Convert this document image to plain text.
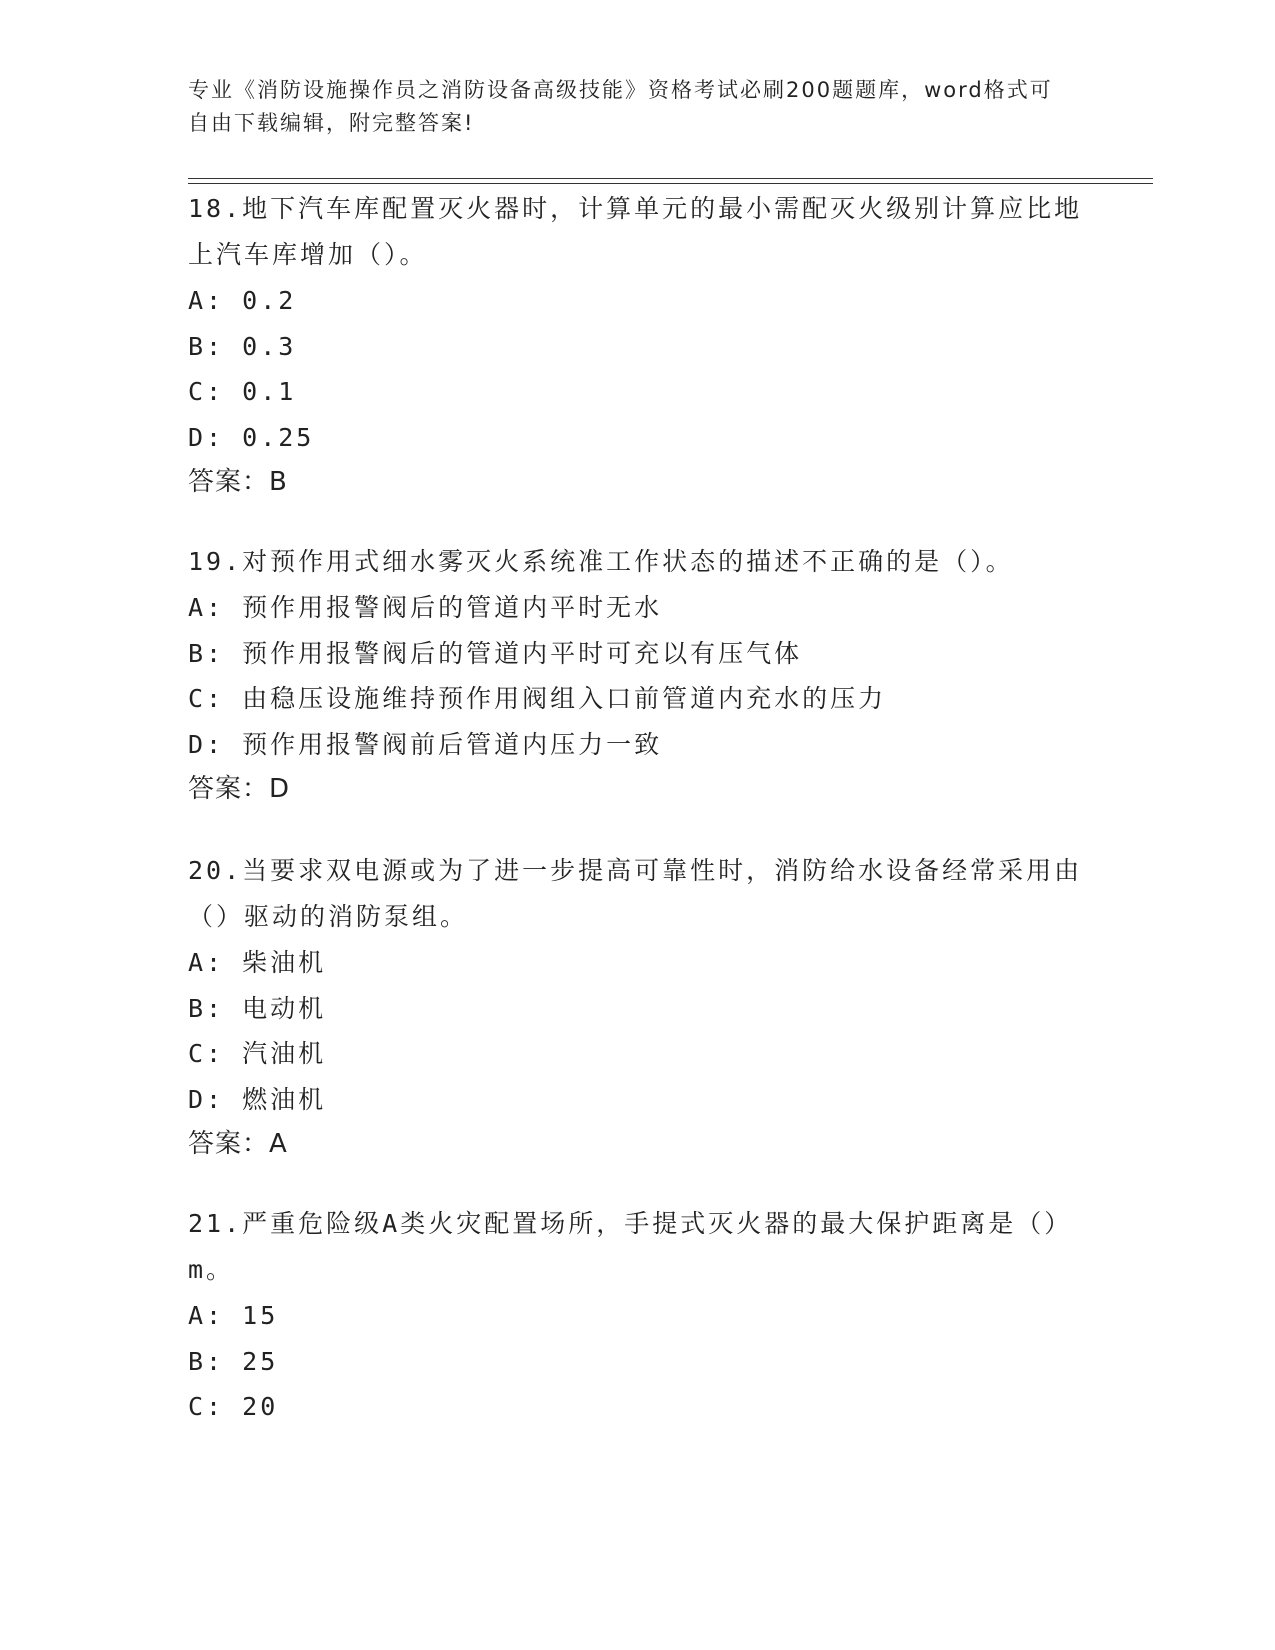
专业《消防设施操作员之消防设备高级技能》资格考试必刷200题题库，word格式可自由下载编辑，附完整答案!
18.地下汽车库配置灭火器时，计算单元的最小需配灭火级别计算应比地上汽车库增加（）。
A: 0.2
B: 0.3
C: 0.1
D: 0.25
答案：B
19.对预作用式细水雾灭火系统准工作状态的描述不正确的是（）。
A: 预作用报警阀后的管道内平时无水
B: 预作用报警阀后的管道内平时可充以有压气体
C: 由稳压设施维持预作用阀组入口前管道内充水的压力
D: 预作用报警阀前后管道内压力一致
答案：D
20.当要求双电源或为了进一步提高可靠性时，消防给水设备经常采用由（）驱动的消防泵组。
A: 柴油机
B: 电动机
C: 汽油机
D: 燃油机
答案：A
21.严重危险级A类火灾配置场所，手提式灭火器的最大保护距离是（）m。
A: 15
B: 25
C: 20
